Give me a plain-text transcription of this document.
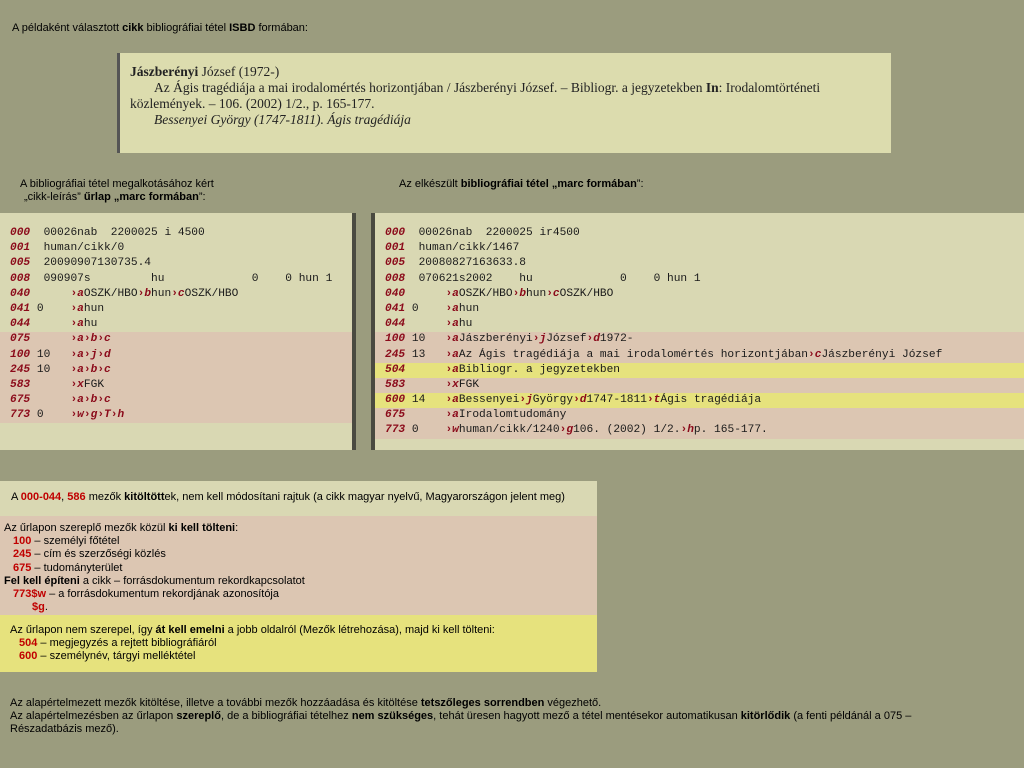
A példaként választott cikk bibliográfiai tétel ISBD formában:
Jászberényi József (1972-)
Az Ágis tragédiája a mai irodalomértés horizontjában / Jászberényi József. – Bibliogr. a jegyzetekben In: Irodalomtörténeti
közlemények. – 106. (2002) 1/2., p. 165-177.
Bessenyei György (1747-1811). Ágis tragédiája
A bibliográfiai tétel megalkotásához kért
„cikk-leírás” űrlap „marc formában”:
Az elkészült bibliográfiai tétel „marc formában”:
000 00026nab  2200025 i 4500
001 human/cikk/0
005 20090907130735.4
008 090907s         hu             0    0 hun 1
040	›aOSZK/HBO›bhun›cOSZK/HBO
041 0    ›ahun
044	›ahu
075	›a›b›c
100 10   ›a›j›d
245 10   ›a›b›c
583	›xFGK
675	›a›b›c
773 0    ›w›g›T›h
000 00026nab  2200025 ir4500
001 human/cikk/1467
005 20080827163633.8
008 070621s2002    hu             0    0 hun 1
040	›aOSZK/HBO›bhun›cOSZK/HBO
041 0    ›ahun
044	›ahu
100 10   ›aJászberényi›jJózsef›d1972-
245 13   ›aAz Ágis tragédiája a mai irodalomértés horizontjában›cJászberényi József
504	›aBibliogr. a jegyzetekben
583	›xFGK
600 14   ›aBessenyei›jGyörgy›d1747-1811›tÁgis tragédiája
675	›aIrodalomtudomány
773 0    ›whuman/cikk/1240›g106. (2002) 1/2.›hp. 165-177.
A 000-044, 586 mezők kitöltöttek, nem kell módosítani rajtuk (a cikk magyar nyelvű, Magyarországon jelent meg)
Az űrlapon szereplő mezők közül ki kell tölteni:
100 – személyi főtétel
245 – cím és szerzőségi közlés
675 – tudományterület
Fel kell építeni a cikk – forrásdokumentum rekordkapcsolatot
773$w – a forrásdokumentum rekordjának azonosítója
$g.
Az űrlapon nem szerepel, így át kell emelni a jobb oldalról (Mezők létrehozása), majd ki kell tölteni:
504 – megjegyzés a rejtett bibliográfiáról
600 – személynév, tárgyi melléktétel
Az alapértelmezett mezők kitöltése, illetve a további mezők hozzáadása és kitöltése tetszőleges sorrendben végezhető.
Az alapértelmezésben az űrlapon szereplő, de a bibliográfiai tételhez nem szükséges, tehát üresen hagyott mező a tétel mentésekor automatikusan kitörlődik (a fenti példánál a 075 –
Részadatbázis mező).
